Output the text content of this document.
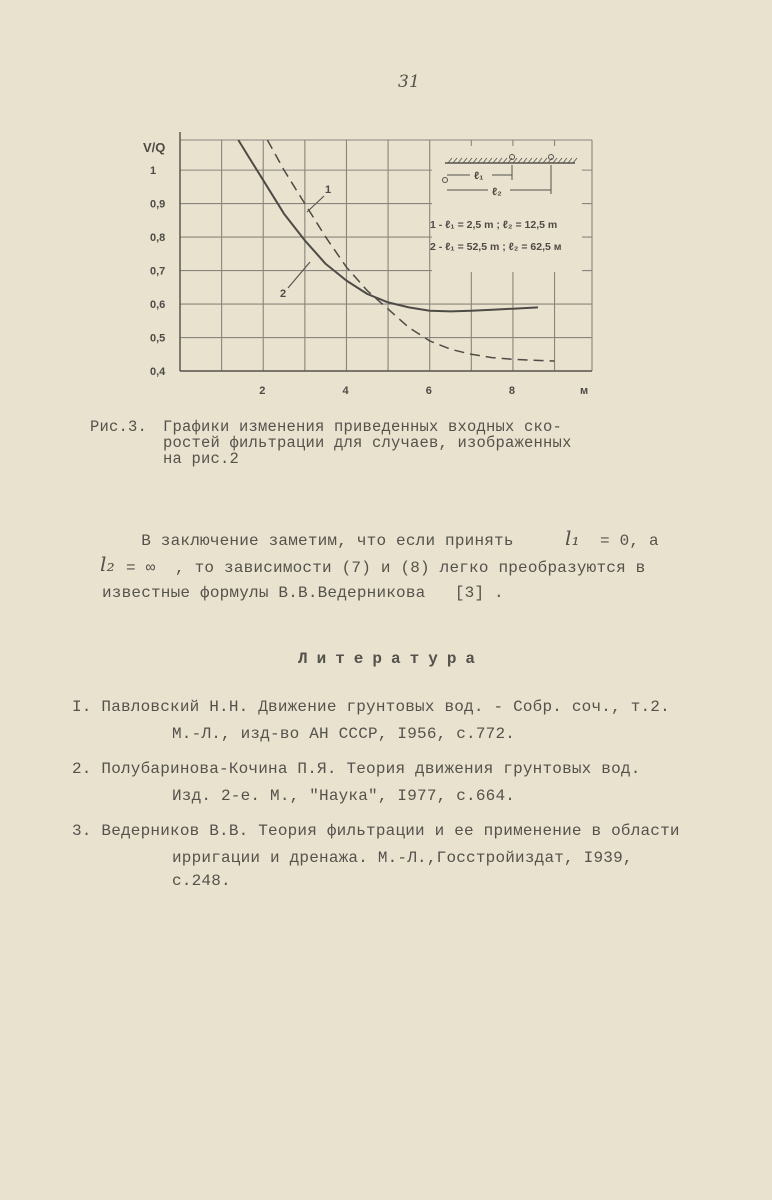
31
2	4	6	8
1
0,9
0,8
0,7
0,6
0,5
0,4
V/Q
м
1
2
ℓ₁
ℓ₂
1 - ℓ₁ = 2,5 m ; ℓ₂ = 12,5 m
2 - ℓ₁ = 52,5 m ; ℓ₂ = 62,5 м
Рис.3. Графики изменения приведенных входных ско-
ростей фильтрации для случаев, изображенных
на рис.2
В заключение заметим, что если принять	l₁ = 0, а
l₂ = ∞  , то зависимости (7) и (8) легко преобразуются в
известные формулы В.В.Ведерникова   [3] .
Литература
I. Павловский Н.Н. Движение грунтовых вод. - Собр. соч., т.2.
М.-Л., изд-во АН СССР, I956, с.772.
2. Полубаринова-Кочина П.Я. Теория движения грунтовых вод.
Изд. 2-е. М., "Наука", I977, с.664.
3. Ведерников В.В. Теория фильтрации и ее применение в области
ирригации и дренажа. М.-Л.,Госстройиздат, I939,
с.248.
